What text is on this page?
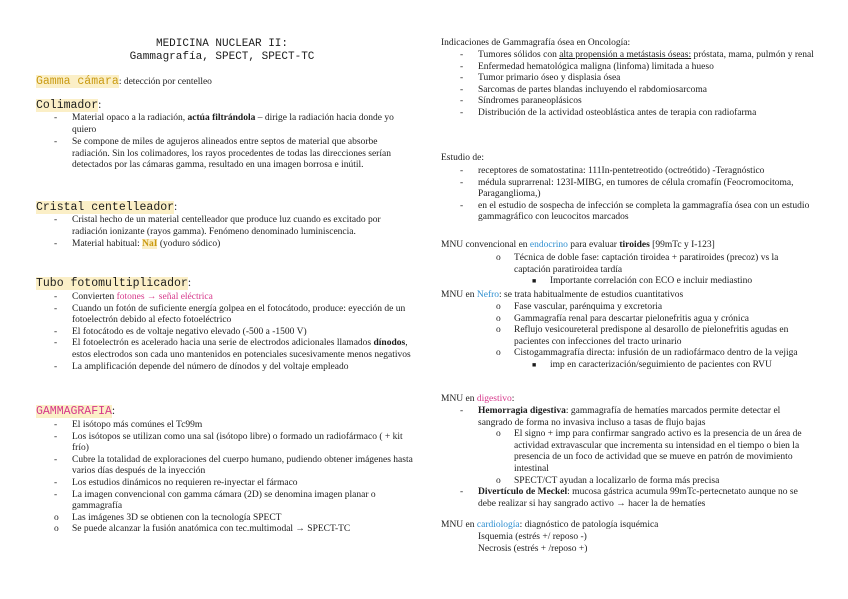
MEDICINA NUCLEAR II:
Gammagrafía, SPECT, SPECT-TC
Gamma cámara: detección por centelleo
Colimador:
- Material opaco a la radiación, actúa filtrándola – dirige la radiación hacia donde yo quiero
- Se compone de miles de agujeros alineados entre septos de material que absorbe radiación. Sin los colimadores, los rayos procedentes de todas las direcciones serían detectados por las cámaras gamma, resultado en una imagen borrosa e inútil.
Cristal centelleador:
- Cristal hecho de un material centelleador que produce luz cuando es excitado por radiación ionizante (rayos gamma). Fenómeno denominado luminiscencia.
- Material habitual: NaI (yoduro sódico)
Tubo fotomultiplicador:
- Convierten fotones → señal eléctrica
- Cuando un fotón de suficiente energía golpea en el fotocátodo, produce: eyección de un fotoelectrón debido al efecto fotoeléctrico
- El fotocátodo es de voltaje negativo elevado (-500 a -1500 V)
- El fotoelectrón es acelerado hacia una serie de electrodos adicionales llamados dínodos, estos electrodos son cada uno mantenidos en potenciales sucesivamente menos negativos
- La amplificación depende del número de dínodos y del voltaje empleado
GAMMAGRAFIA:
- El isótopo más comúnes el Tc99m
- Los isótopos se utilizan como una sal (isótopo libre) o formado un radiofármaco ( + kit frío)
- Cubre la totalidad de exploraciones del cuerpo humano, pudiendo obtener imágenes hasta varios días después de la inyección
- Los estudios dinámicos no requieren re-inyectar el fármaco
- La imagen convencional con gamma cámara (2D) se denomina imagen planar o gammagrafía
o Las imágenes 3D se obtienen con la tecnología SPECT
o Se puede alcanzar la fusión anatómica con tec.multimodal → SPECT-TC
Indicaciones de Gammagrafía ósea en Oncología:
- Tumores sólidos con alta propensión a metástasis óseas: próstata, mama, pulmón y renal
- Enfermedad hematológica maligna (linfoma) limitada a hueso
- Tumor primario óseo y displasia ósea
- Sarcomas de partes blandas incluyendo el rabdomiosarcoma
- Síndromes paraneoplásicos
- Distribución de la actividad osteoblástica antes de terapia con radiofarma
Estudio de:
- receptores de somatostatina: 111In-pentetreotido (octreótido) -Teragnóstico
- médula suprarrenal: 123I-MIBG, en tumores de célula cromafín (Feocromocitoma, Paraganglioma,)
- en el estudio de sospecha de infección se completa la gammagrafía ósea con un estudio gammagráfico con leucocitos marcados
MNU convencional en endocrino para evaluar tiroides [99mTc y I-123]
o Técnica de doble fase: captación tiroidea + paratiroides (precoz) vs la captación paratiroidea tardía
■ Importante correlación con ECO e incluir mediastino
MNU en Nefro: se trata habitualmente de estudios cuantitativos
o Fase vascular, parénquima y excretoria
o Gammagrafía renal para descartar pielonefritis agua y crónica
o Reflujo vesicoureteral predispone al desarollo de pielonefritis agudas en pacientes con infecciones del tracto urinario
o Cistogammagrafía directa: infusión de un radiofármaco dentro de la vejiga
■ imp en caracterización/seguimiento de pacientes con RVU
MNU en digestivo:
- Hemorragia digestiva: gammagrafía de hematíes marcados permite detectar el sangrado de forma no invasiva incluso a tasas de flujo bajas
o El signo + imp para confirmar sangrado activo es la presencia de un área de actividad extravascular que incrementa su intensidad en el tiempo o bien la presencia de un foco de actividad que se mueve en patrón de movimiento intestinal
o SPECT/CT ayudan a localizarlo de forma más precisa
- Divertículo de Meckel: mucosa gástrica acumula 99mTc-pertecnetato aunque no se debe realizar si hay sangrado activo → hacer la de hematíes
MNU en cardiología: diagnóstico de patología isquémica
Isquemia (estrés +/ reposo -)
Necrosis (estrés + /reposo +)
